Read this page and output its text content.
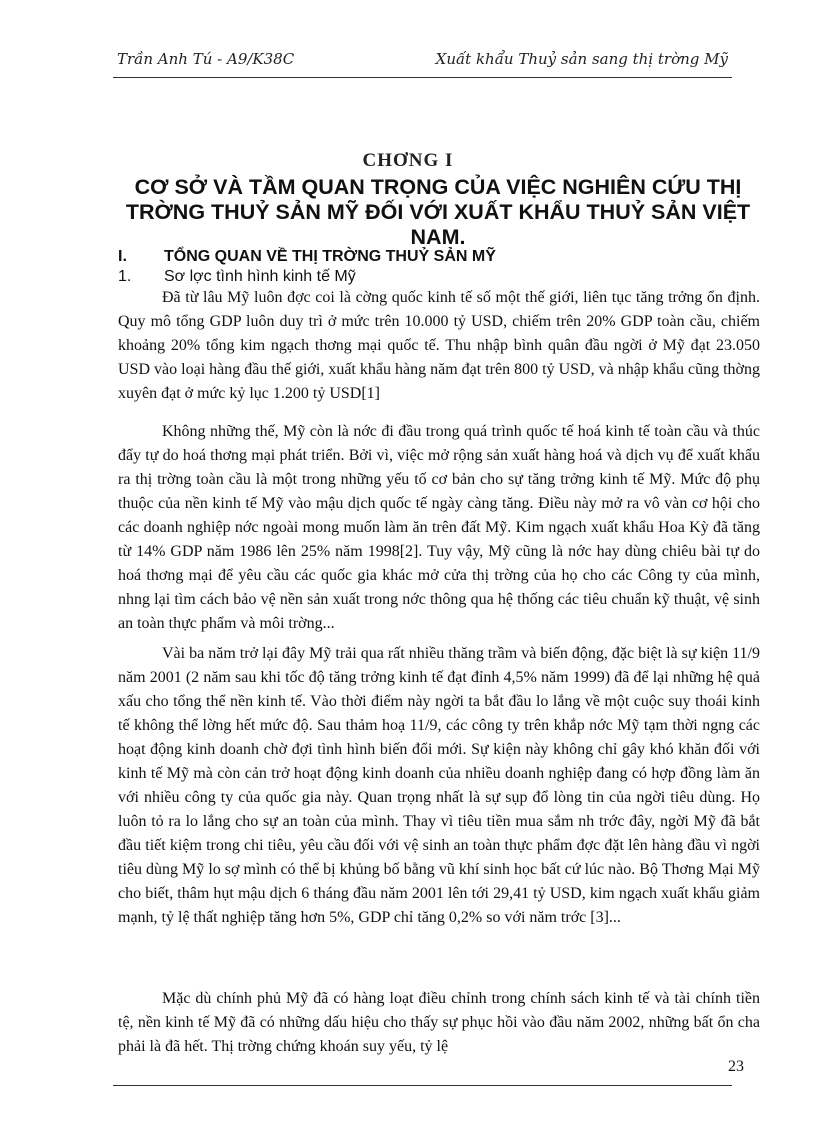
Trần Anh Tú - A9/K38C	Xuất khẩu Thuỷ sản sang thị trờng Mỹ
CHƠNG I
CƠ SỞ VÀ TẦM QUAN TRỌNG CỦA VIỆC NGHIÊN CỨU THỊ TRỜNG THUỶ SẢN MỸ ĐỐI VỚI XUẤT KHẨU THUỶ SẢN VIỆT NAM.
I. TỔNG QUAN VỀ THỊ TRỜNG THUỶ SẢN MỸ
1. Sơ lợc tình hình kinh tế Mỹ

Đã từ lâu Mỹ luôn đợc coi là cờng quốc kinh tế số một thế giới, liên tục tăng trởng ổn định. Quy mô tổng GDP luôn duy trì ở mức trên 10.000 tỷ USD, chiếm trên 20% GDP toàn cầu, chiếm khoảng 20% tổng kim ngạch thơng mại quốc tế. Thu nhập bình quân đầu ngời ở Mỹ đạt 23.050 USD vào loại hàng đầu thế giới, xuất khẩu hàng năm đạt trên 800 tỷ USD, và nhập khẩu cũng thờng xuyên đạt ở mức kỷ lục 1.200 tỷ USD[1]

Không những thế, Mỹ còn là nớc đi đầu trong quá trình quốc tế hoá kinh tế toàn cầu và thúc đẩy tự do hoá thơng mại phát triển. Bởi vì, việc mở rộng sản xuất hàng hoá và dịch vụ để xuất khẩu ra thị trờng toàn cầu là một trong những yếu tố cơ bản cho sự tăng trởng kinh tế Mỹ. Mức độ phụ thuộc của nền kinh tế Mỹ vào mậu dịch quốc tế ngày càng tăng. Điều này mở ra vô vàn cơ hội cho các doanh nghiệp nớc ngoài mong muốn làm ăn trên đất Mỹ. Kim ngạch xuất khẩu Hoa Kỳ đã tăng từ 14% GDP năm 1986 lên 25% năm 1998[2]. Tuy vậy, Mỹ cũng là nớc hay dùng chiêu bài tự do hoá thơng mại để yêu cầu các quốc gia khác mở cửa thị trờng của họ cho các Công ty của mình, nhng lại tìm cách bảo vệ nền sản xuất trong nớc thông qua hệ thống các tiêu chuẩn kỹ thuật, vệ sinh an toàn thực phẩm và môi trờng...

Vài ba năm trở lại đây Mỹ trải qua rất nhiều thăng trầm và biến động, đặc biệt là sự kiện 11/9 năm 2001 (2 năm sau khi tốc độ tăng trởng kinh tế đạt đỉnh 4,5% năm 1999) đã để lại những hệ quả xấu cho tổng thể nền kinh tế. Vào thời điểm này ngời ta bắt đầu lo lắng về một cuộc suy thoái kinh tế không thể lờng hết mức độ. Sau thảm hoạ 11/9, các công ty trên khắp nớc Mỹ tạm thời ngng các hoạt động kinh doanh chờ đợi tình hình biến đổi mới. Sự kiện này không chỉ gây khó khăn đối với kinh tế Mỹ mà còn cản trở hoạt động kinh doanh của nhiều doanh nghiệp đang có hợp đồng làm ăn với nhiều công ty của quốc gia này. Quan trọng nhất là sự sụp đổ lòng tin của ngời tiêu dùng. Họ luôn tỏ ra lo lắng cho sự an toàn của mình. Thay vì tiêu tiền mua sắm nh trớc đây, ngời Mỹ đã bắt đầu tiết kiệm trong chi tiêu, yêu cầu đối với vệ sinh an toàn thực phẩm đợc đặt lên hàng đầu vì ngời tiêu dùng Mỹ lo sợ mình có thể bị khủng bố bằng vũ khí sinh học bất cứ lúc nào. Bộ Thơng Mại Mỹ cho biết, thâm hụt mậu dịch 6 tháng đầu năm 2001 lên tới 29,41 tỷ USD, kim ngạch xuất khẩu giảm mạnh, tỷ lệ thất nghiệp tăng hơn 5%, GDP chỉ tăng 0,2% so với năm trớc [3]...

Mặc dù chính phủ Mỹ đã có hàng loạt điều chỉnh trong chính sách kinh tế và tài chính tiền tệ, nền kinh tế Mỹ đã có những dấu hiệu cho thấy sự phục hồi vào đầu năm 2002, những bất ổn cha phải là đã hết. Thị trờng chứng khoán suy yếu, tỷ lệ

23
